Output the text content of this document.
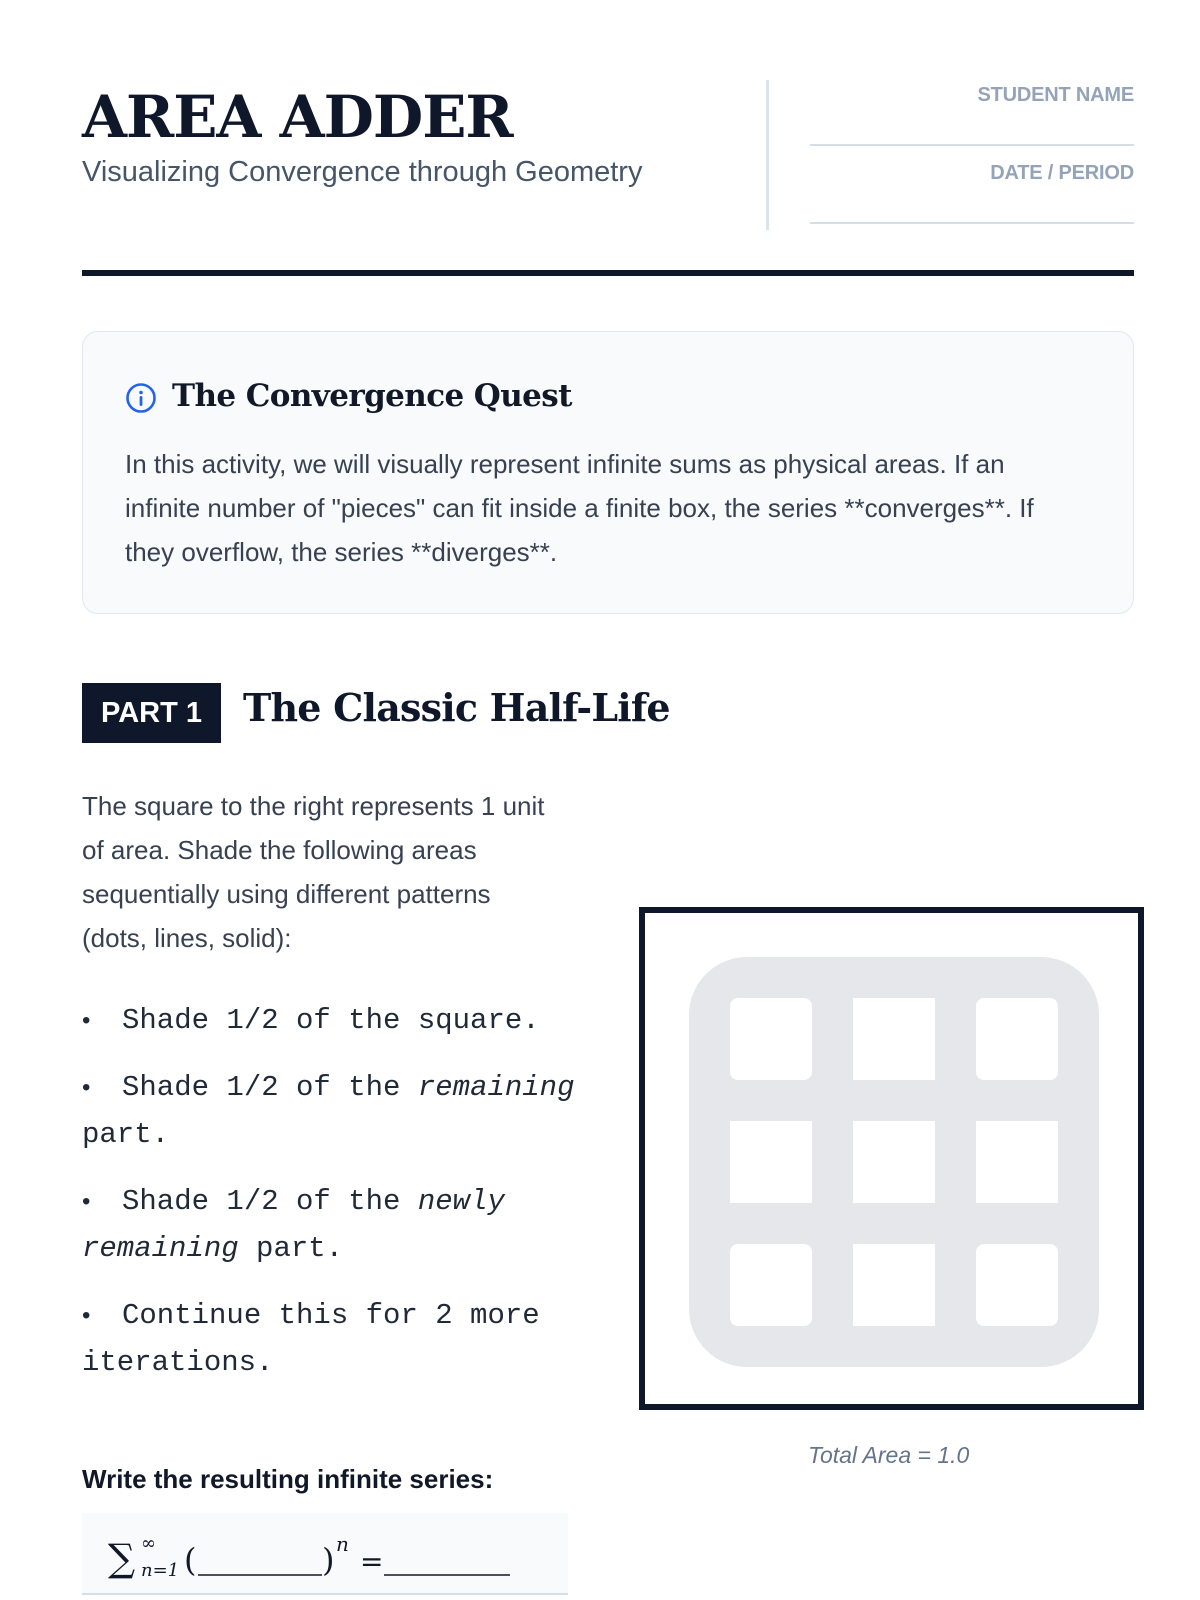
AREA ADDER
Visualizing Convergence through Geometry
STUDENT NAME
DATE / PERIOD
The Convergence Quest

In this activity, we will visually represent infinite sums as physical areas. If an infinite number of "pieces" can fit inside a finite box, the series **converges**. If they overflow, the series **diverges**.

PART 1	The Classic Half-Life

The square to the right represents 1 unit of area. Shade the following areas sequentially using different patterns (dots, lines, solid):

• Shade 1/2 of the square.
• Shade 1/2 of the remaining part.
• Shade 1/2 of the newly remaining part.
• Continue this for 2 more iterations.
Write the resulting infinite series:
∑ ∞
n=1 (	) n
=
Total Area = 1.0
